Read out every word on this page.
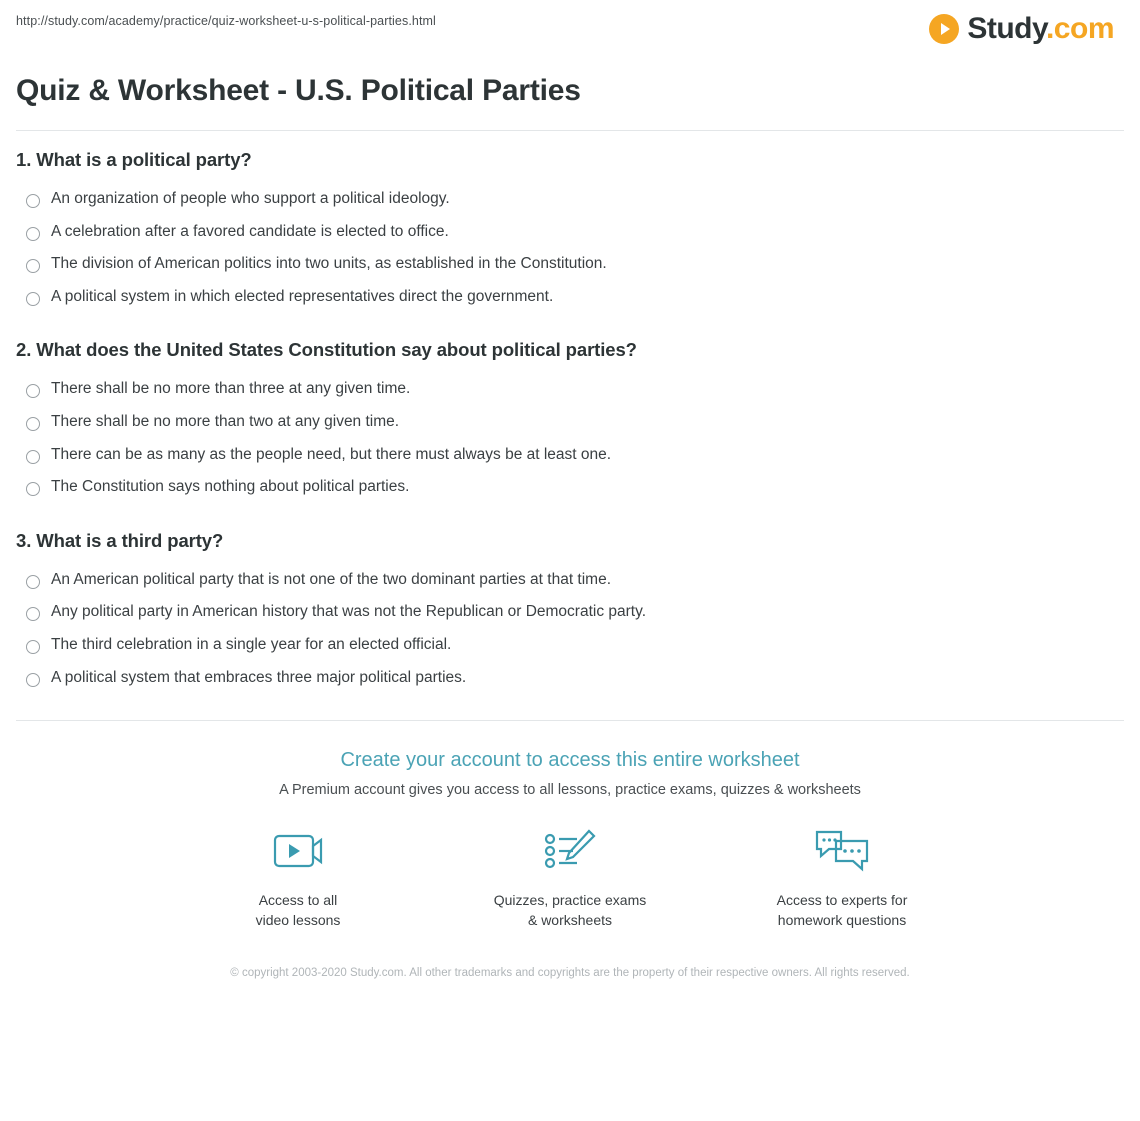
http://study.com/academy/practice/quiz-worksheet-u-s-political-parties.html	Study.com
Quiz & Worksheet - U.S. Political Parties

1. What is a political party?

An organization of people who support a political ideology.
A celebration after a favored candidate is elected to office.
The division of American politics into two units, as established in the Constitution.
A political system in which elected representatives direct the government.

2. What does the United States Constitution say about political parties?

There shall be no more than three at any given time.
There shall be no more than two at any given time.
There can be as many as the people need, but there must always be at least one.
The Constitution says nothing about political parties.

3. What is a third party?

An American political party that is not one of the two dominant parties at that time.
Any political party in American history that was not the Republican or Democratic party.
The third celebration in a single year for an elected official.
A political system that embraces three major political parties.

Create your account to access this entire worksheet

A Premium account gives you access to all lessons, practice exams, quizzes & worksheets

Access to all
video lessons
Quizzes, practice exams
& worksheets
Access to experts for
homework questions
© copyright 2003-2020 Study.com. All other trademarks and copyrights are the property of their respective owners. All rights reserved.
